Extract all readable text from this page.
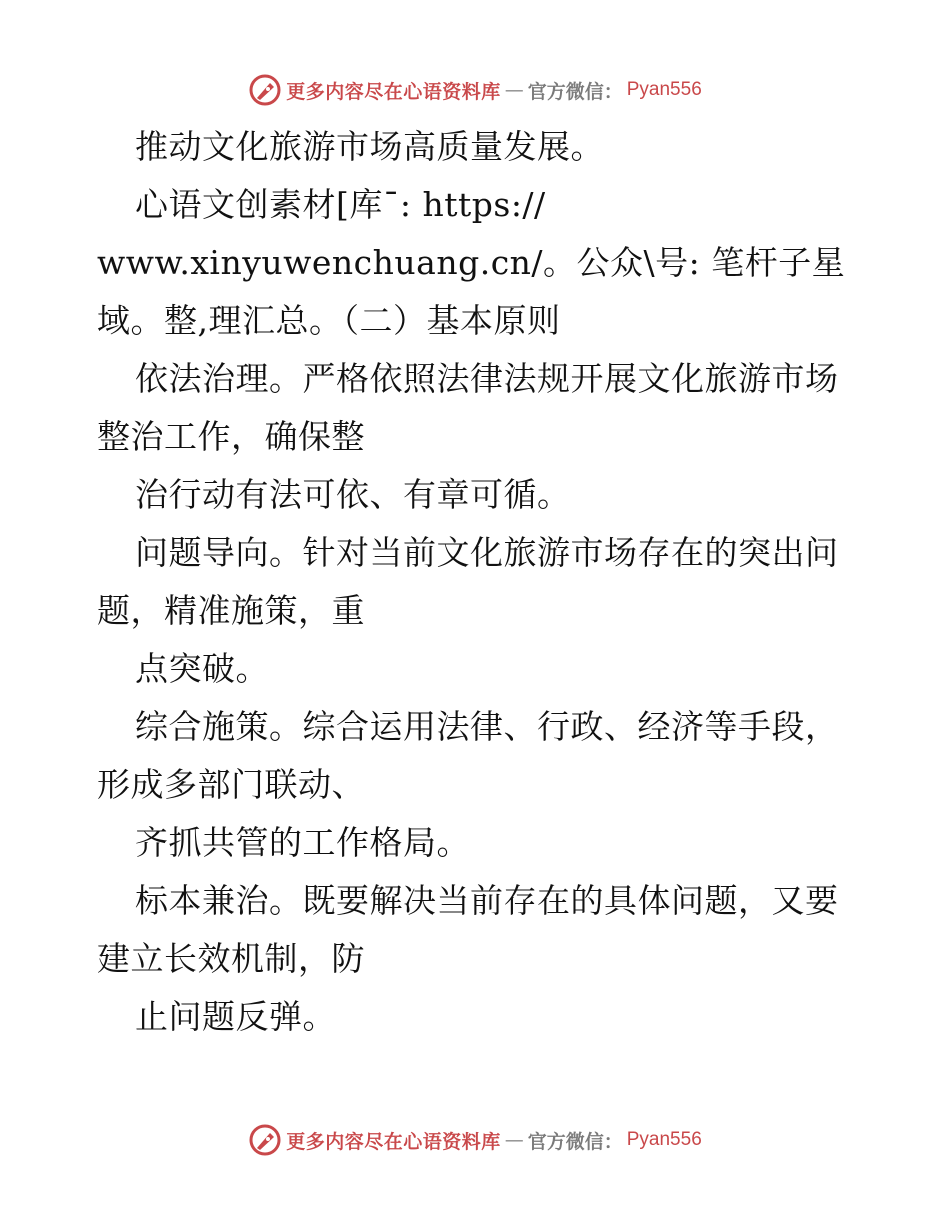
更多内容尽在心语资料库 — 官方微信： Pyan556
推动文化旅游市场高质量发展。
心语文创素材[库¯: https://
www.xinyuwenchuang.cn/。公众\号: 笔杆子星
域。整,理汇总。（二）基本原则
依法治理。严格依照法律法规开展文化旅游市场
整治工作，确保整
治行动有法可依、有章可循。
问题导向。针对当前文化旅游市场存在的突出问
题，精准施策，重
点突破。
综合施策。综合运用法律、行政、经济等手段，
形成多部门联动、
齐抓共管的工作格局。
标本兼治。既要解决当前存在的具体问题，又要
建立长效机制，防
止问题反弹。
更多内容尽在心语资料库 — 官方微信： Pyan556
